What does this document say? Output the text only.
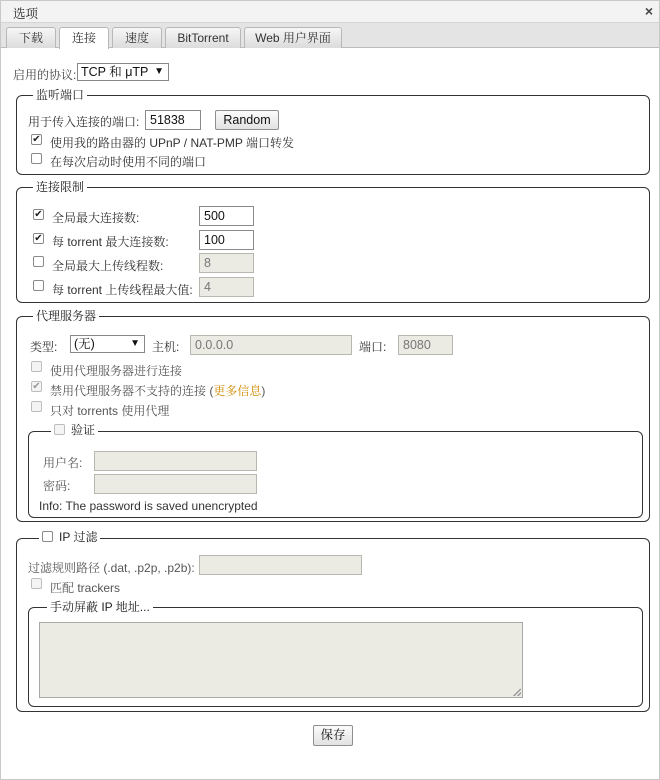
选项	×
下载	连接	速度	BitTorrent	Web 用户界面
启用的协议: TCP 和 μTP ▼
监听端口
用于传入连接的端口: 51838	Random
✔ 使用我的路由器的 UPnP / NAT-PMP 端口转发
在每次启动时使用不同的端口
连接限制
✔ 全局最大连接数:	500
✔ 每 torrent 最大连接数:	100
全局最大上传线程数:	8
每 torrent 上传线程最大值: 4
代理服务器
类型:	(无)	▼ 主机:	0.0.0.0	端口:	8080
使用代理服务器进行连接
✔ 禁用代理服务器不支持的连接 (更多信息)
只对 torrents 使用代理
验证
用户名:
密码:
Info: The password is saved unencrypted
IP 过滤
过滤规则路径 (.dat, .p2p, .p2b):
匹配 trackers
手动屏蔽 IP 地址...
保存
